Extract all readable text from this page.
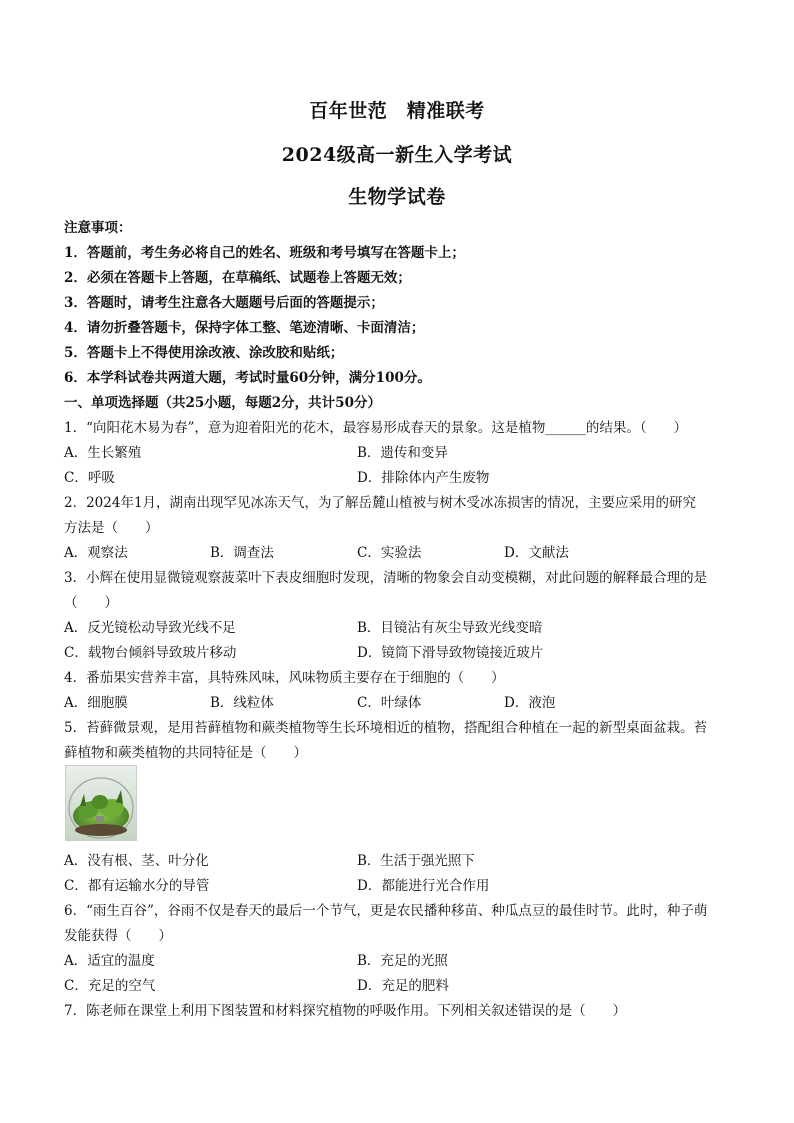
百年世范　精准联考
2024级高一新生入学考试
生物学试卷
注意事项：
1．答题前，考生务必将自己的姓名、班级和考号填写在答题卡上；
2．必须在答题卡上答题，在草稿纸、试题卷上答题无效；
3．答题时，请考生注意各大题题号后面的答题提示；
4．请勿折叠答题卡，保持字体工整、笔迹清晰、卡面清洁；
5．答题卡上不得使用涂改液、涂改胶和贴纸；
6．本学科试卷共两道大题，考试时量60分钟，满分100分。
一、单项选择题（共25小题，每题2分，共计50分）
1．“向阳花木易为春”，意为迎着阳光的花木，最容易形成春天的景象。这是植物______的结果。（　　）
A．生长繁殖	B．遗传和变异
C．呼吸	D．排除体内产生废物
2．2024年1月，湖南出现罕见冰冻天气，为了解岳麓山植被与树木受冰冻损害的情况，主要应采用的研究
方法是（　　）
A．观察法	B．调查法	C．实验法	D．文献法
3．小辉在使用显微镜观察菠菜叶下表皮细胞时发现，清晰的物象会自动变模糊，对此问题的解释最合理的是
（　　）
A．反光镜松动导致光线不足	B．目镜沾有灰尘导致光线变暗
C．载物台倾斜导致玻片移动	D．镜筒下滑导致物镜接近玻片
4．番茄果实营养丰富，具特殊风味，风味物质主要存在于细胞的（　　）
A．细胞膜	B．线粒体	C．叶绿体	D．液泡
5．苔藓微景观，是用苔藓植物和蕨类植物等生长环境相近的植物，搭配组合种植在一起的新型桌面盆栽。苔
藓植物和蕨类植物的共同特征是（　　）
A．没有根、茎、叶分化	B．生活于强光照下
C．都有运输水分的导管	D．都能进行光合作用
6．“雨生百谷”，谷雨不仅是春天的最后一个节气，更是农民播种移苗、种瓜点豆的最佳时节。此时，种子萌
发能获得（　　）
A．适宜的温度	B．充足的光照
C．充足的空气	D．充足的肥料
7．陈老师在课堂上利用下图装置和材料探究植物的呼吸作用。下列相关叙述错误的是（　　）
